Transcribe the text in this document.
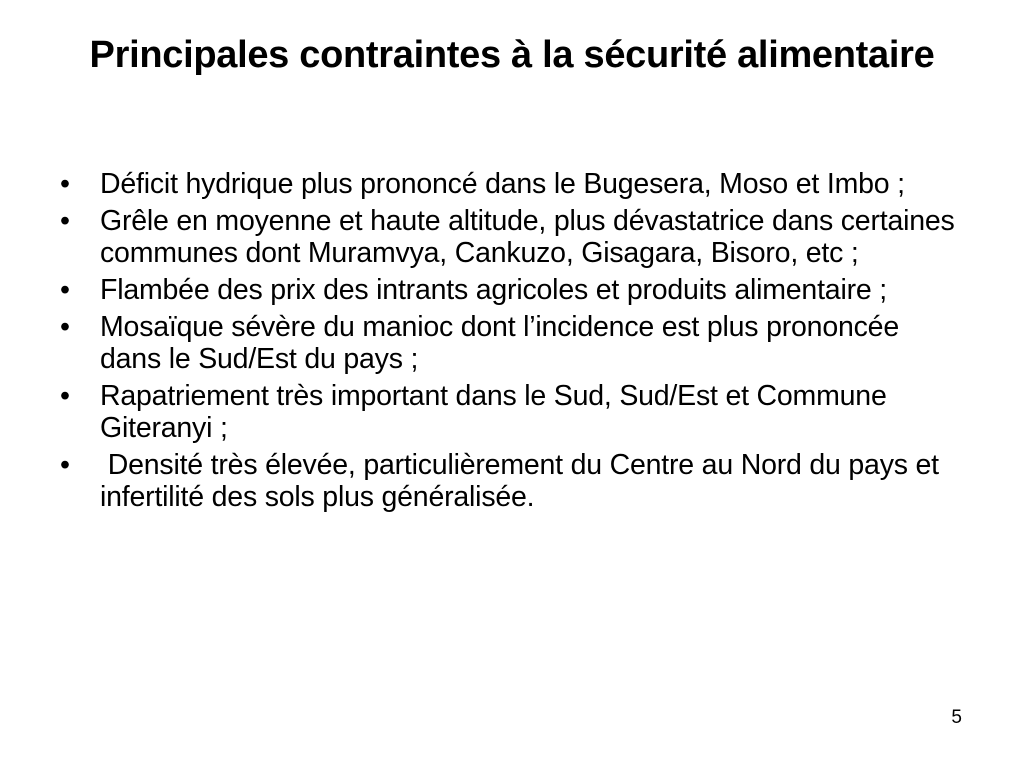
Principales contraintes à la sécurité alimentaire
•	Déficit hydrique plus prononcé dans le Bugesera, Moso et Imbo ;
•	Grêle en moyenne et haute altitude, plus dévastatrice dans certaines communes dont Muramvya, Cankuzo, Gisagara, Bisoro, etc ;
•	Flambée des prix des intrants agricoles et produits alimentaire ;
•	Mosaïque sévère du manioc dont l’incidence est plus prononcée dans le Sud/Est du pays ;
•	Rapatriement très important dans le Sud, Sud/Est et Commune Giteranyi ;
•	Densité très élevée, particulièrement du Centre au Nord du pays et infertilité des sols plus généralisée.
5
